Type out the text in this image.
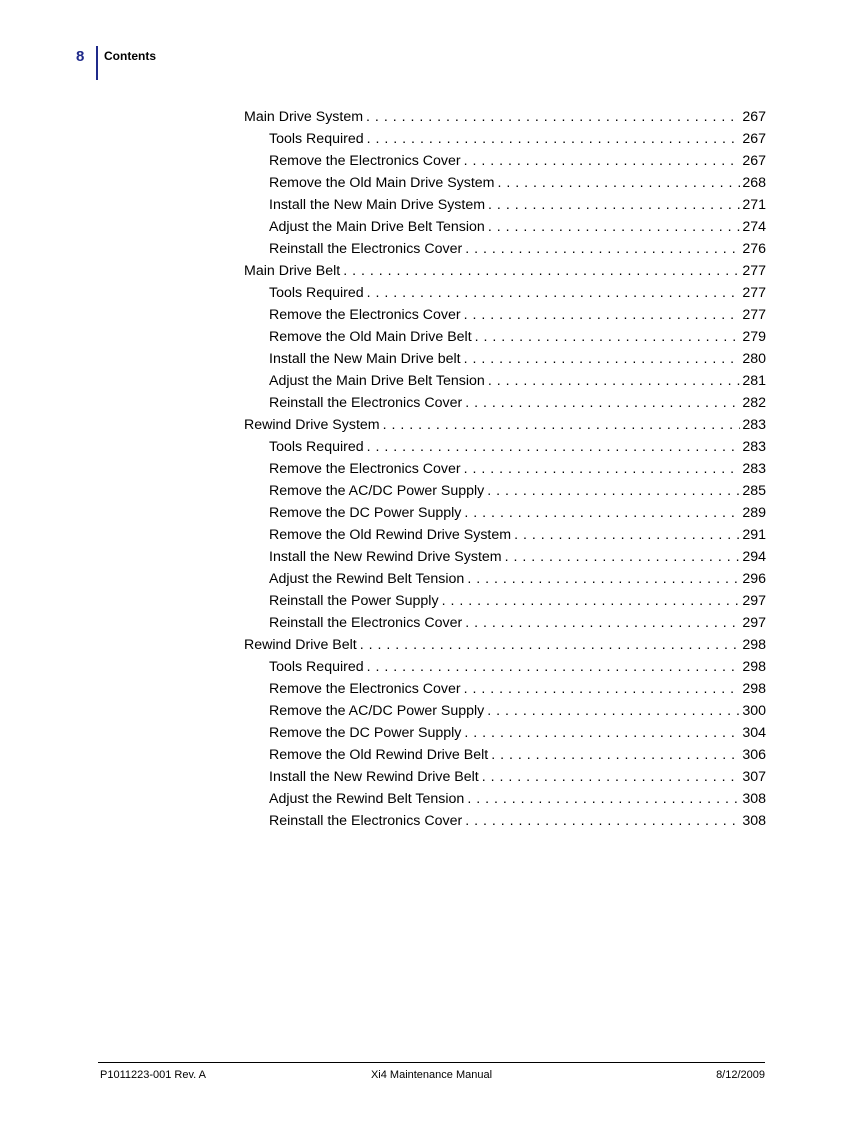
8 Contents
Main Drive System . . .	267
Tools Required . . .	267
Remove the Electronics Cover . . .	267
Remove the Old Main Drive System . . .	268
Install the New Main Drive System . . .	271
Adjust the Main Drive Belt Tension . . .	274
Reinstall the Electronics Cover . . .	276
Main Drive Belt . . .	277
Tools Required . . .	277
Remove the Electronics Cover . . .	277
Remove the Old Main Drive Belt . . .	279
Install the New Main Drive belt . . .	280
Adjust the Main Drive Belt Tension . . .	281
Reinstall the Electronics Cover . . .	282
Rewind Drive System . . .	283
Tools Required . . .	283
Remove the Electronics Cover . . .	283
Remove the AC/DC Power Supply . . .	285
Remove the DC Power Supply . . .	289
Remove the Old Rewind Drive System . . .	291
Install the New Rewind Drive System . . .	294
Adjust the Rewind Belt Tension . . .	296
Reinstall the Power Supply . . .	297
Reinstall the Electronics Cover . . .	297
Rewind Drive Belt . . .	298
Tools Required . . .	298
Remove the Electronics Cover . . .	298
Remove the AC/DC Power Supply . . .	300
Remove the DC Power Supply . . .	304
Remove the Old Rewind Drive Belt . . .	306
Install the New Rewind Drive Belt . . .	307
Adjust the Rewind Belt Tension . . .	308
Reinstall the Electronics Cover . . .	308
P1011223-001 Rev. A	Xi4 Maintenance Manual	8/12/2009
